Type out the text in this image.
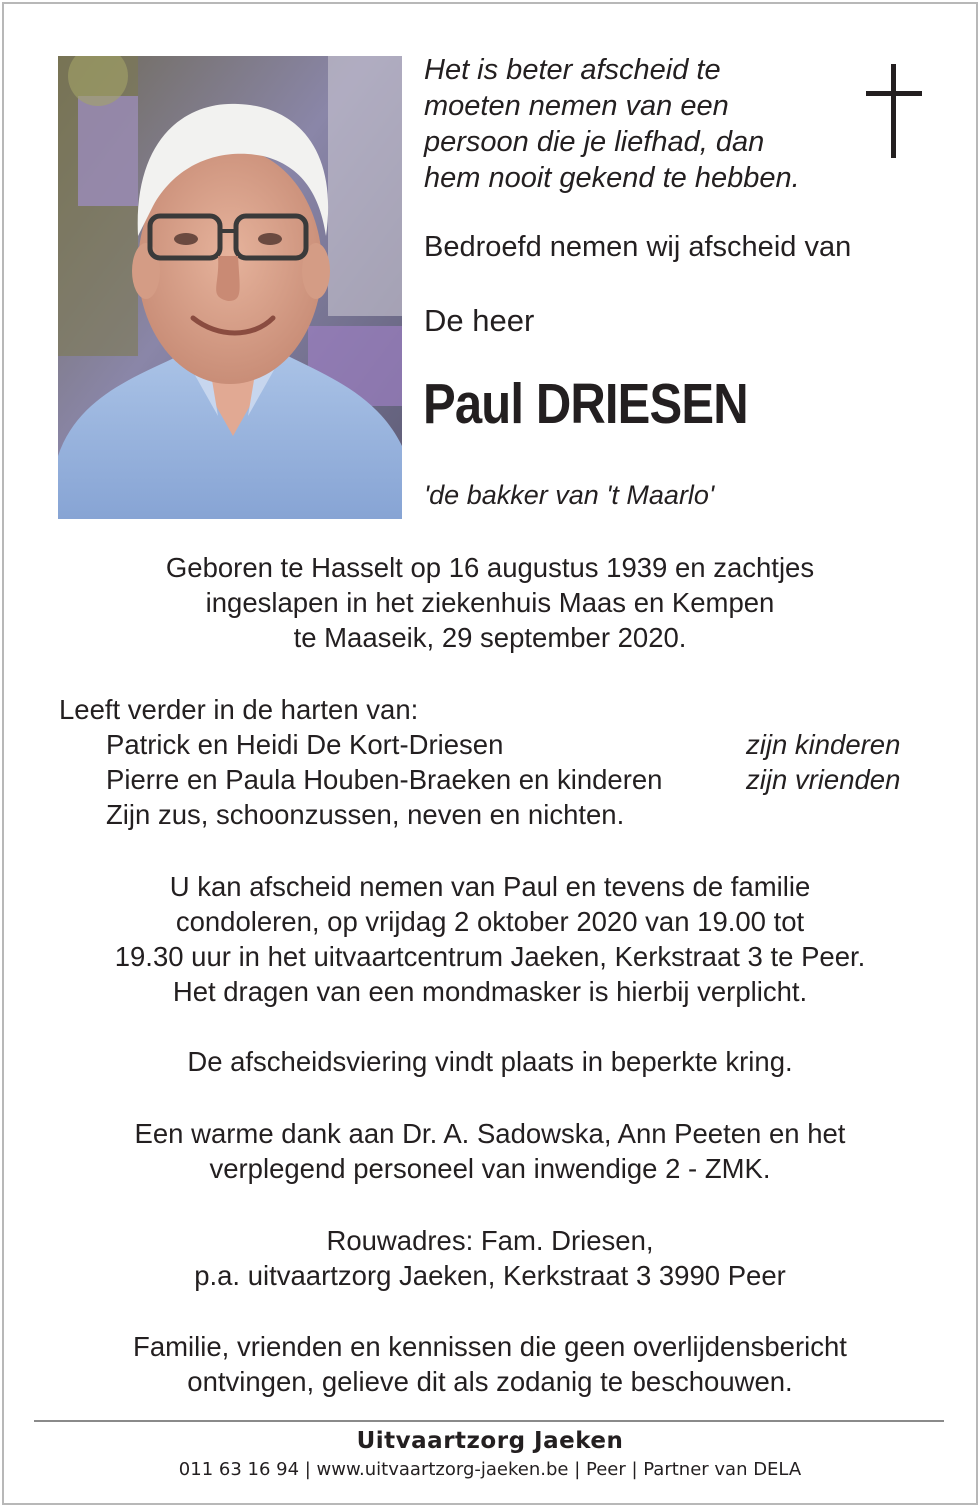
Het is beter afscheid te
moeten nemen van een
persoon die je liefhad, dan
hem nooit gekend te hebben.
Bedroefd nemen wij afscheid van
De heer
Paul DRIESEN
'de bakker van 't Maarlo'
Geboren te Hasselt op 16 augustus 1939 en zachtjes
ingeslapen in het ziekenhuis Maas en Kempen
te Maaseik, 29 september 2020.
Leeft verder in de harten van:
Patrick en Heidi De Kort-Driesen	zijn kinderen
Pierre en Paula Houben-Braeken en kinderen	zijn vrienden
Zijn zus, schoonzussen, neven en nichten.
U kan afscheid nemen van Paul en tevens de familie
condoleren, op vrijdag 2 oktober 2020 van 19.00 tot
19.30 uur in het uitvaartcentrum Jaeken, Kerkstraat 3 te Peer.
Het dragen van een mondmasker is hierbij verplicht.
De afscheidsviering vindt plaats in beperkte kring.
Een warme dank aan Dr. A. Sadowska, Ann Peeten en het
verplegend personeel van inwendige 2 - ZMK.
Rouwadres: Fam. Driesen,
p.a. uitvaartzorg Jaeken, Kerkstraat 3 3990 Peer
Familie, vrienden en kennissen die geen overlijdensbericht
ontvingen, gelieve dit als zodanig te beschouwen.
Uitvaartzorg Jaeken
011 63 16 94 | www.uitvaartzorg-jaeken.be | Peer | Partner van DELA
